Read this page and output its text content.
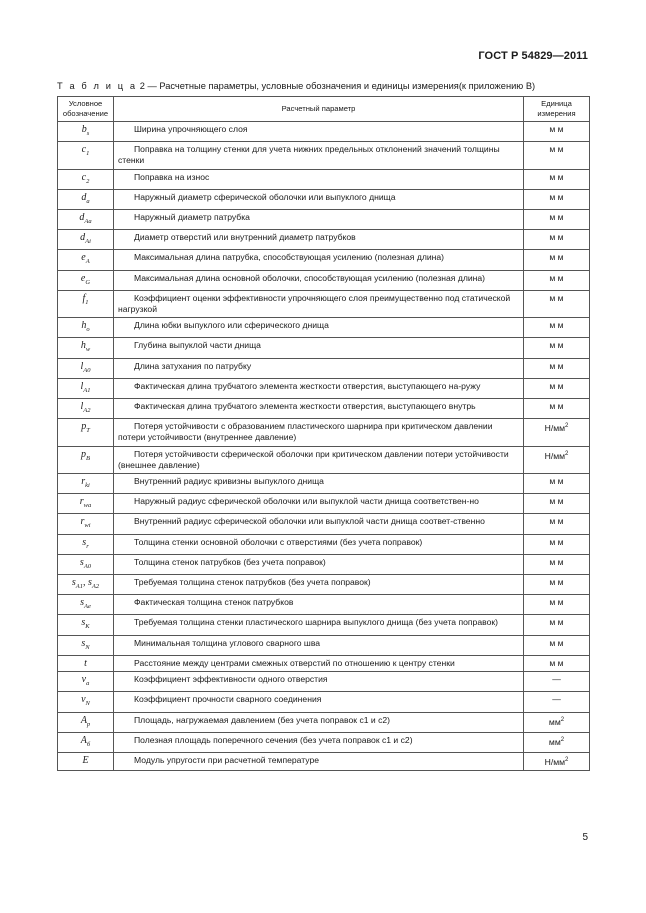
ГОСТ Р 54829—2011
Т а б л и ц а 2 — Расчетные параметры, условные обозначения и единицы измерения(к приложению В)
Условное обозначение	Расчетный параметр	Единица измерения
$b_s$	Ширина упрочняющего слоя	м м
$c_1$	Поправка на толщину стенки для учета нижних предельных отклонений значений толщины стенки	м м
$c_2$	Поправка на износ	м м
$d_a$	Наружный диаметр сферической оболочки или выпуклого днища	м м
$d_{Aa}$	Наружный диаметр патрубка	м м
$d_{Ai}$	Диаметр отверстий или внутренний диаметр патрубков	м м
$e_A$	Максимальная длина патрубка, способствующая усилению (полезная длина)	м м
$e_G$	Максимальная длина основной оболочки, способствующая усилению (полезная длина)	м м
$f_1$	Коэффициент оценки эффективности упрочняющего слоя преимущественно под статической нагрузкой	м м
$h_o$	Длина юбки выпуклого или сферического днища	м м
$h_w$	Глубина выпуклой части днища	м м
$l_{A0}$	Длина затухания по патрубку	м м
$l_{A1}$	Фактическая длина трубчатого элемента жесткости отверстия, выступающего на-ружу	м м
$l_{A2}$	Фактическая длина трубчатого элемента жесткости отверстия, выступающего внутрь	м м
$p_T$	Потеря устойчивости с образованием пластического шарнира при критическом давлении потери устойчивости (внутреннее давление)	$Н/мм^2$
$p_B$	Потеря устойчивости сферической оболочки при критическом давлении потери устойчивости (внешнее давление)	$Н/мм^2$
$r_{ki}$	Внутренний радиус кривизны выпуклого днища	м м
$r_{wa}$	Наружный радиус сферической оболочки или выпуклой части днища соответствен-но	м м
$r_{wi}$	Внутренний радиус сферической оболочки или выпуклой части днища соответ-ственно	м м
$s_r$	Толщина стенки основной оболочки с отверстиями (без учета поправок)	м м
$s_{A0}$	Толщина стенок патрубков (без учета поправок)	м м
$s_{A1}$, $s_{A2}$	Требуемая толщина стенок патрубков (без учета поправок)	м м
$s_{Ae}$	Фактическая толщина стенок патрубков	м м
$s_K$	Требуемая толщина стенки пластического шарнира выпуклого днища (без учета поправок)	м м
$s_N$	Минимальная толщина углового сварного шва	м м
t	Расстояние между центрами смежных отверстий по отношению к центру стенки	м м
$v_a$	Коэффициент эффективности одного отверстия	—
$v_N$	Коэффициент прочности сварного соединения	—
$A_p$	Площадь, нагружаемая давлением (без учета поправок c1 и c2)	$мм^2$
$A_б$	Полезная площадь поперечного сечения (без учета поправок c1 и c2)	$мм^2$
E	Модуль упругости при расчетной температуре	$Н/мм^2$
5
